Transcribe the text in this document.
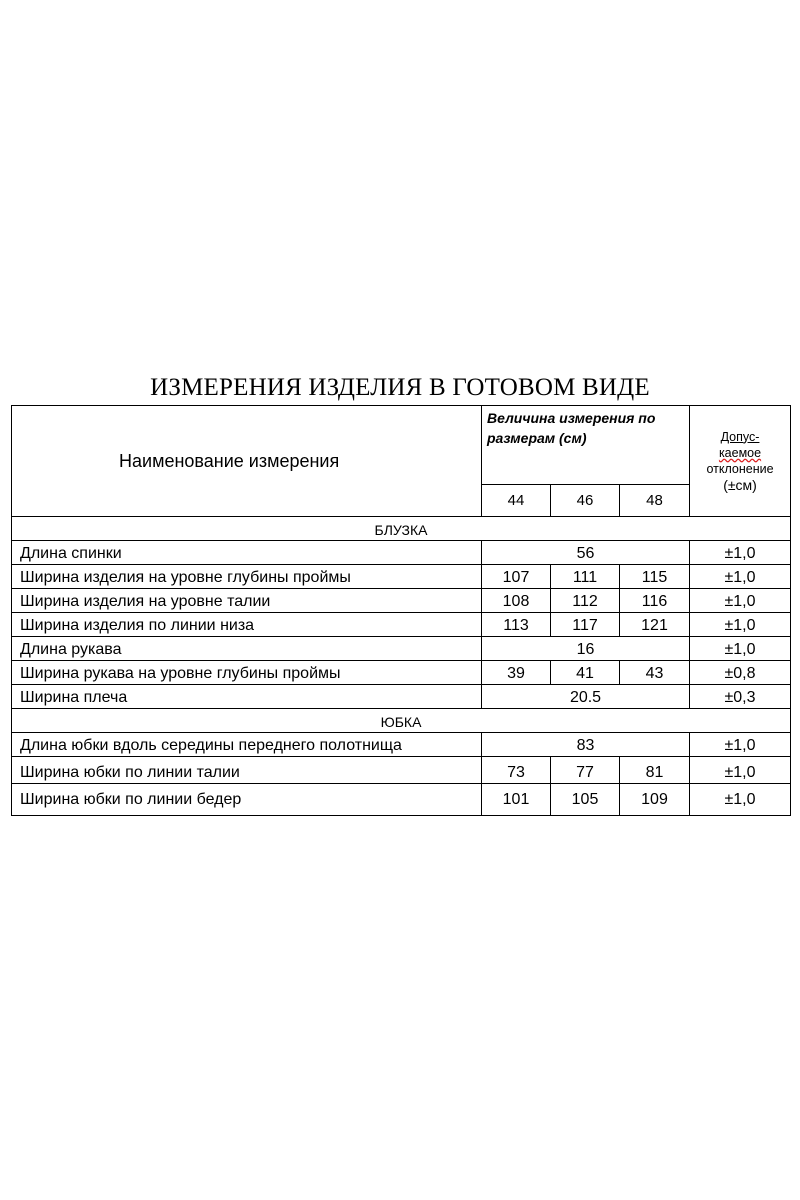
ИЗМЕРЕНИЯ ИЗДЕЛИЯ В ГОТОВОМ ВИДЕ
Наименование измерения	Величина измерения по размерам (см)			Допус-
каемое
отклонение
(±см)
	44	46	48	
БЛУЗКА				
Длина спинки	56			±1,0
Ширина изделия на уровне глубины проймы	107	111	115	±1,0
Ширина изделия на уровне талии	108	112	116	±1,0
Ширина изделия по линии низа	113	117	121	±1,0
Длина рукава	16			±1,0
Ширина рукава на уровне глубины проймы	39	41	43	±0,8
Ширина плеча	20.5			±0,3
ЮБКА				
Длина юбки вдоль середины переднего полотнища	83			±1,0
Ширина юбки по линии талии	73	77	81	±1,0
Ширина юбки по линии бедер	101	105	109	±1,0
